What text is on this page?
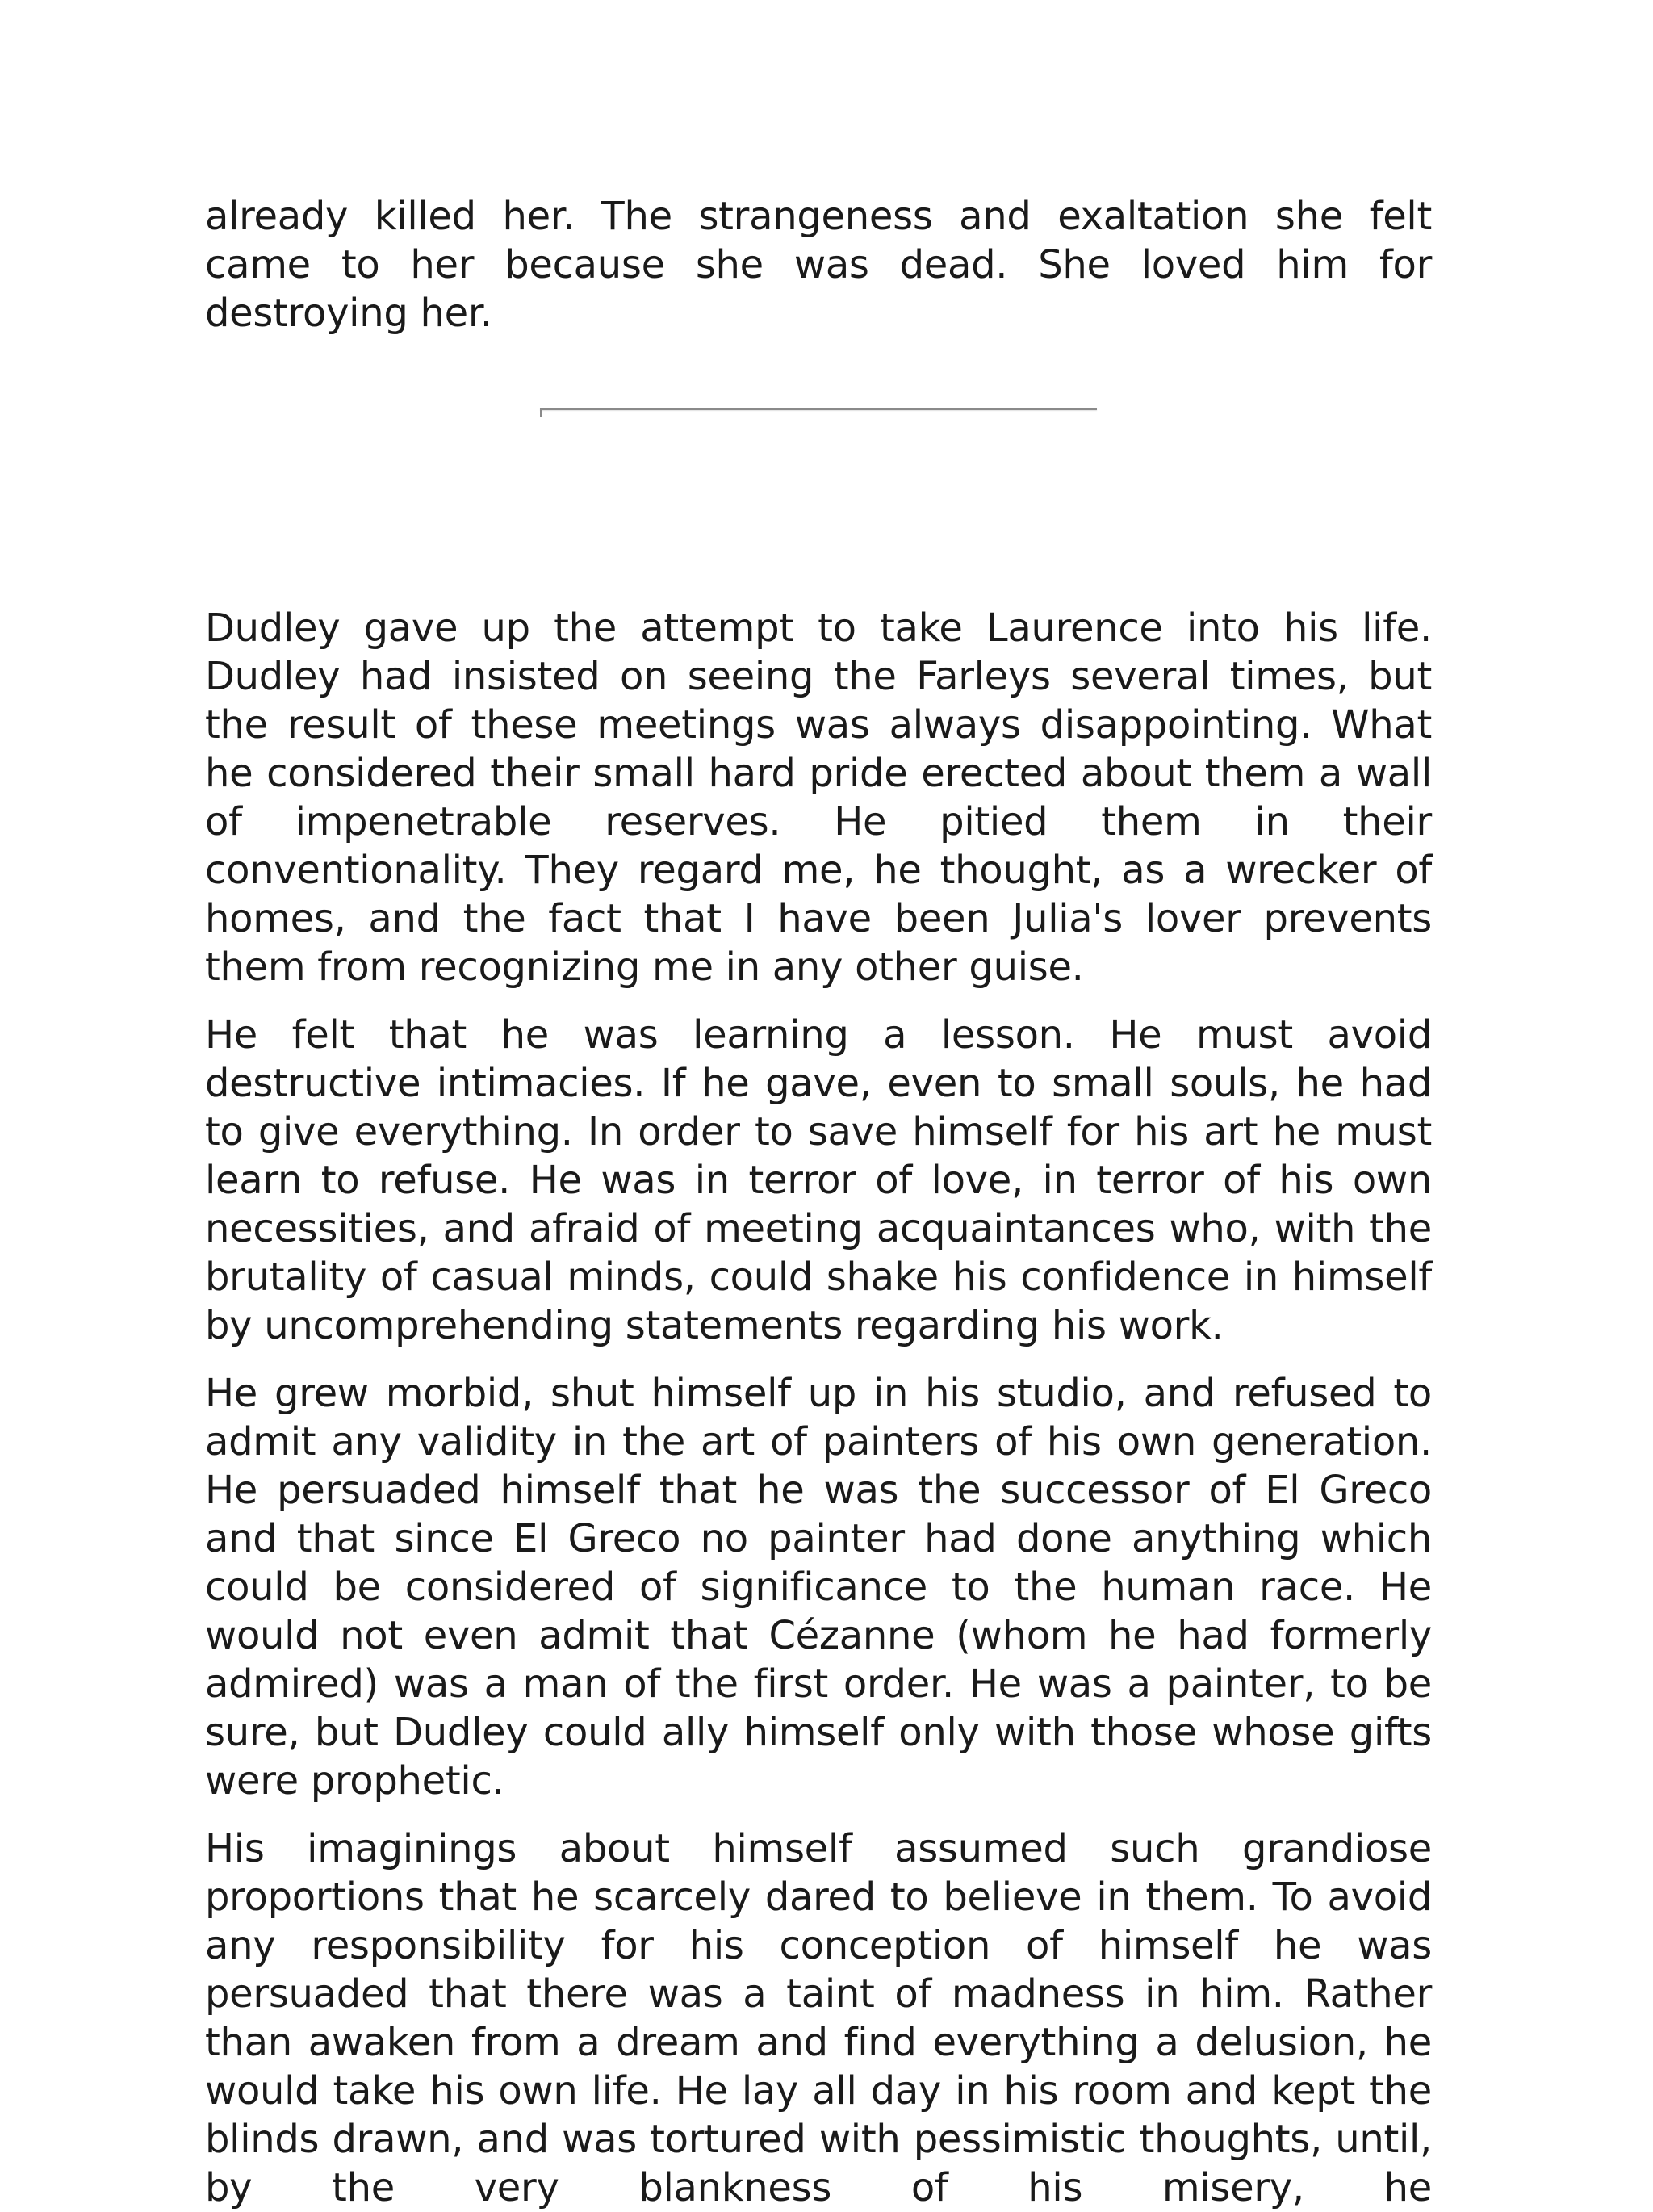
already killed her. The strangeness and exaltation she felt came to her because she was dead. She loved him for destroying her.

Dudley gave up the attempt to take Laurence into his life. Dudley had insisted on seeing the Farleys several times, but the result of these meetings was always disappointing. What he considered their small hard pride erected about them a wall of impenetrable reserves. He pitied them in their conventionality. They regard me, he thought, as a wrecker of homes, and the fact that I have been Julia's lover prevents them from recognizing me in any other guise.

He felt that he was learning a lesson. He must avoid destructive intimacies. If he gave, even to small souls, he had to give everything. In order to save himself for his art he must learn to refuse. He was in terror of love, in terror of his own necessities, and afraid of meeting acquaintances who, with the brutality of casual minds, could shake his confidence in himself by uncomprehending statements regarding his work.

He grew morbid, shut himself up in his studio, and refused to admit any validity in the art of painters of his own generation. He persuaded himself that he was the successor of El Greco and that since El Greco no painter had done anything which could be considered of significance to the human race. He would not even admit that Cézanne (whom he had formerly admired) was a man of the first order. He was a painter, to be sure, but Dudley could ally himself only with those whose gifts were prophetic.

His imaginings about himself assumed such grandiose proportions that he scarcely dared to believe in them. To avoid any responsibility for his conception of himself he was persuaded that there was a taint of madness in him. Rather than awaken from a dream and find everything a delusion, he would take his own life. He lay all day in his room and kept the blinds drawn, and was tortured with pessimistic thoughts, until, by the very blankness of his misery, he
